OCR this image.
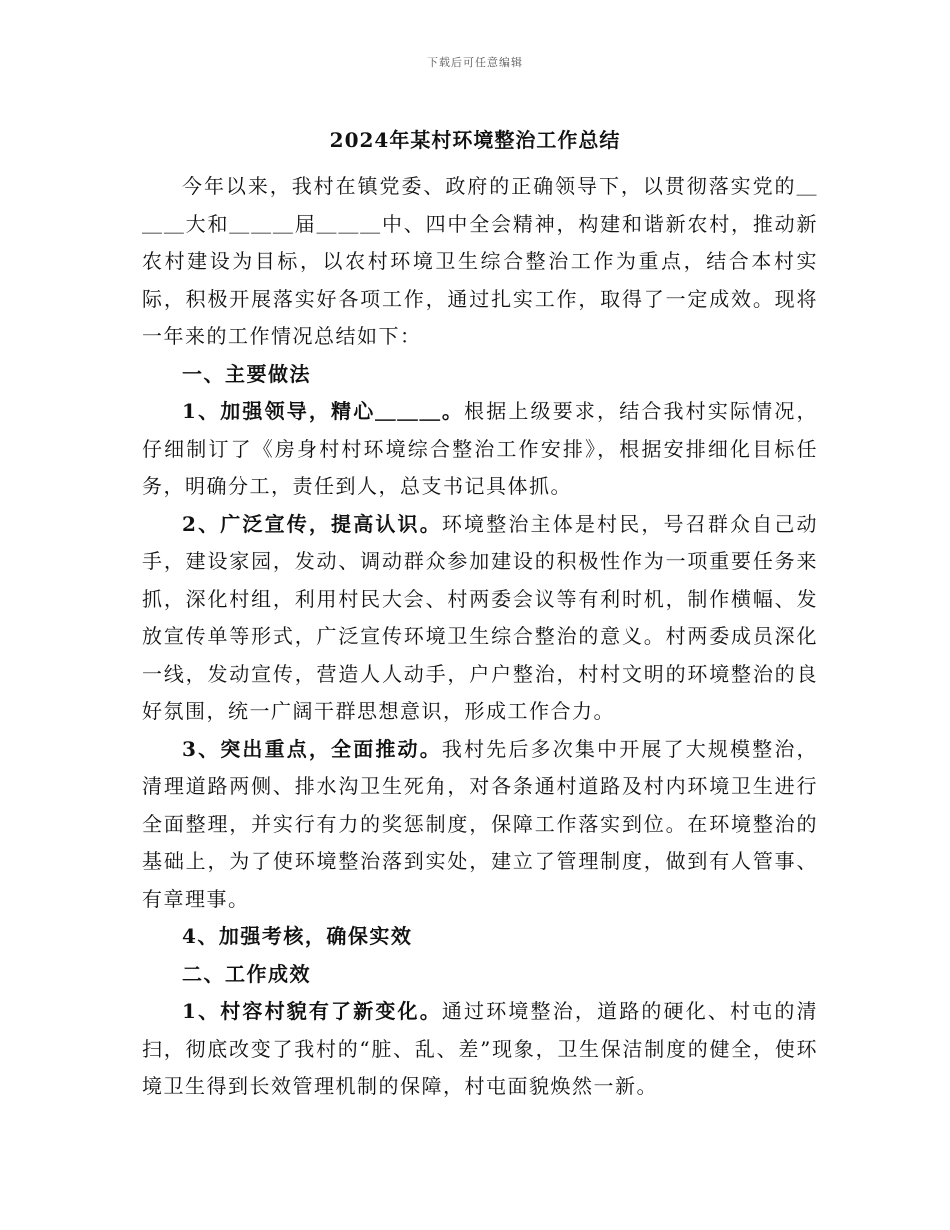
下载后可任意编辑
2024年某村环境整治工作总结

今年以来，我村在镇党委、政府的正确领导下，以贯彻落实党的＿＿＿大和＿＿＿届＿＿＿中、四中全会精神，构建和谐新农村，推动新农村建设为目标，以农村环境卫生综合整治工作为重点，结合本村实际，积极开展落实好各项工作，通过扎实工作，取得了一定成效。现将一年来的工作情况总结如下：

一、主要做法

1、加强领导，精心＿＿＿。根据上级要求，结合我村实际情况，仔细制订了《房身村村环境综合整治工作安排》，根据安排细化目标任务，明确分工，责任到人，总支书记具体抓。

2、广泛宣传，提高认识。环境整治主体是村民，号召群众自己动手，建设家园，发动、调动群众参加建设的积极性作为一项重要任务来抓，深化村组，利用村民大会、村两委会议等有利时机，制作横幅、发放宣传单等形式，广泛宣传环境卫生综合整治的意义。村两委成员深化一线，发动宣传，营造人人动手，户户整治，村村文明的环境整治的良好氛围，统一广阔干群思想意识，形成工作合力。

3、突出重点，全面推动。我村先后多次集中开展了大规模整治，清理道路两侧、排水沟卫生死角，对各条通村道路及村内环境卫生进行全面整理，并实行有力的奖惩制度，保障工作落实到位。在环境整治的基础上，为了使环境整治落到实处，建立了管理制度，做到有人管事、有章理事。

4、加强考核，确保实效

二、工作成效

1、村容村貌有了新变化。通过环境整治，道路的硬化、村屯的清扫，彻底改变了我村的“脏、乱、差”现象，卫生保洁制度的健全，使环境卫生得到长效管理机制的保障，村屯面貌焕然一新。
